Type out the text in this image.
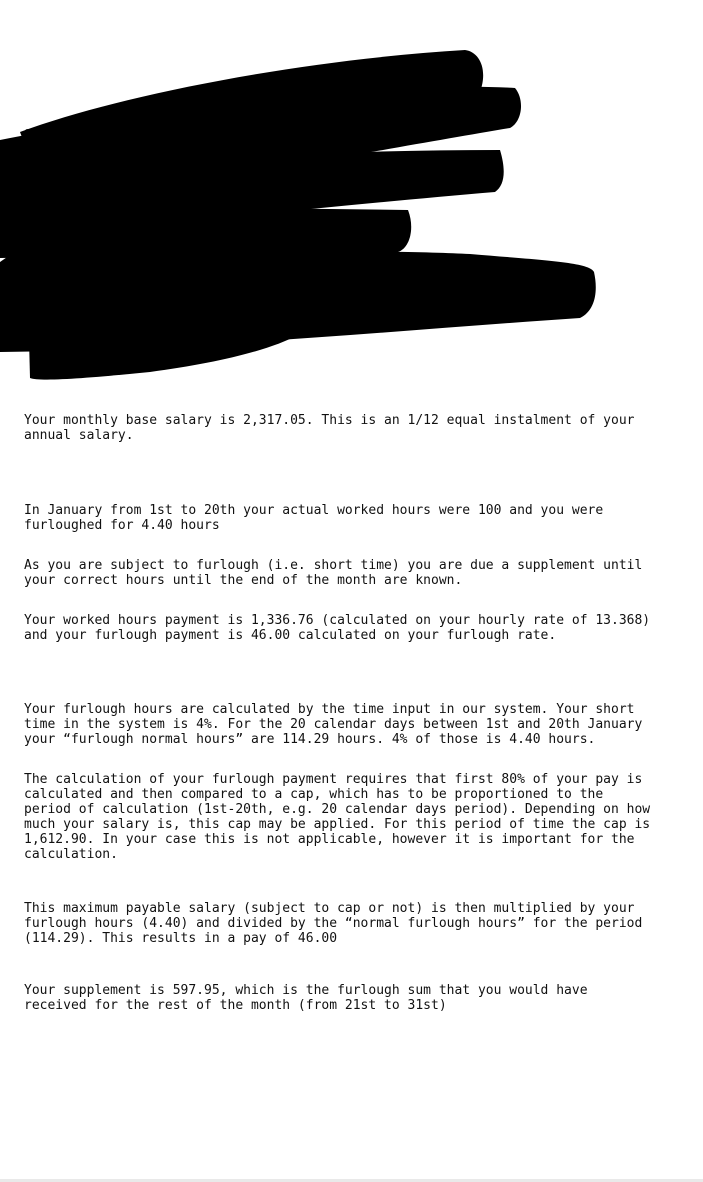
Your monthly base salary is 2,317.05. This is an 1/12 equal instalment of your
annual salary.

In January from 1st to 20th your actual worked hours were 100 and you were
furloughed for 4.40 hours

As you are subject to furlough (i.e. short time) you are due a supplement until
your correct hours until the end of the month are known.

Your worked hours payment is 1,336.76 (calculated on your hourly rate of 13.368)
and your furlough payment is 46.00 calculated on your furlough rate.

Your furlough hours are calculated by the time input in our system. Your short
time in the system is 4%. For the 20 calendar days between 1st and 20th January
your “furlough normal hours” are 114.29 hours. 4% of those is 4.40 hours.

The calculation of your furlough payment requires that first 80% of your pay is
calculated and then compared to a cap, which has to be proportioned to the
period of calculation (1st-20th, e.g. 20 calendar days period). Depending on how
much your salary is, this cap may be applied. For this period of time the cap is
1,612.90. In your case this is not applicable, however it is important for the
calculation.

This maximum payable salary (subject to cap or not) is then multiplied by your
furlough hours (4.40) and divided by the “normal furlough hours” for the period
(114.29). This results in a pay of 46.00

Your supplement is 597.95, which is the furlough sum that you would have
received for the rest of the month (from 21st to 31st)
